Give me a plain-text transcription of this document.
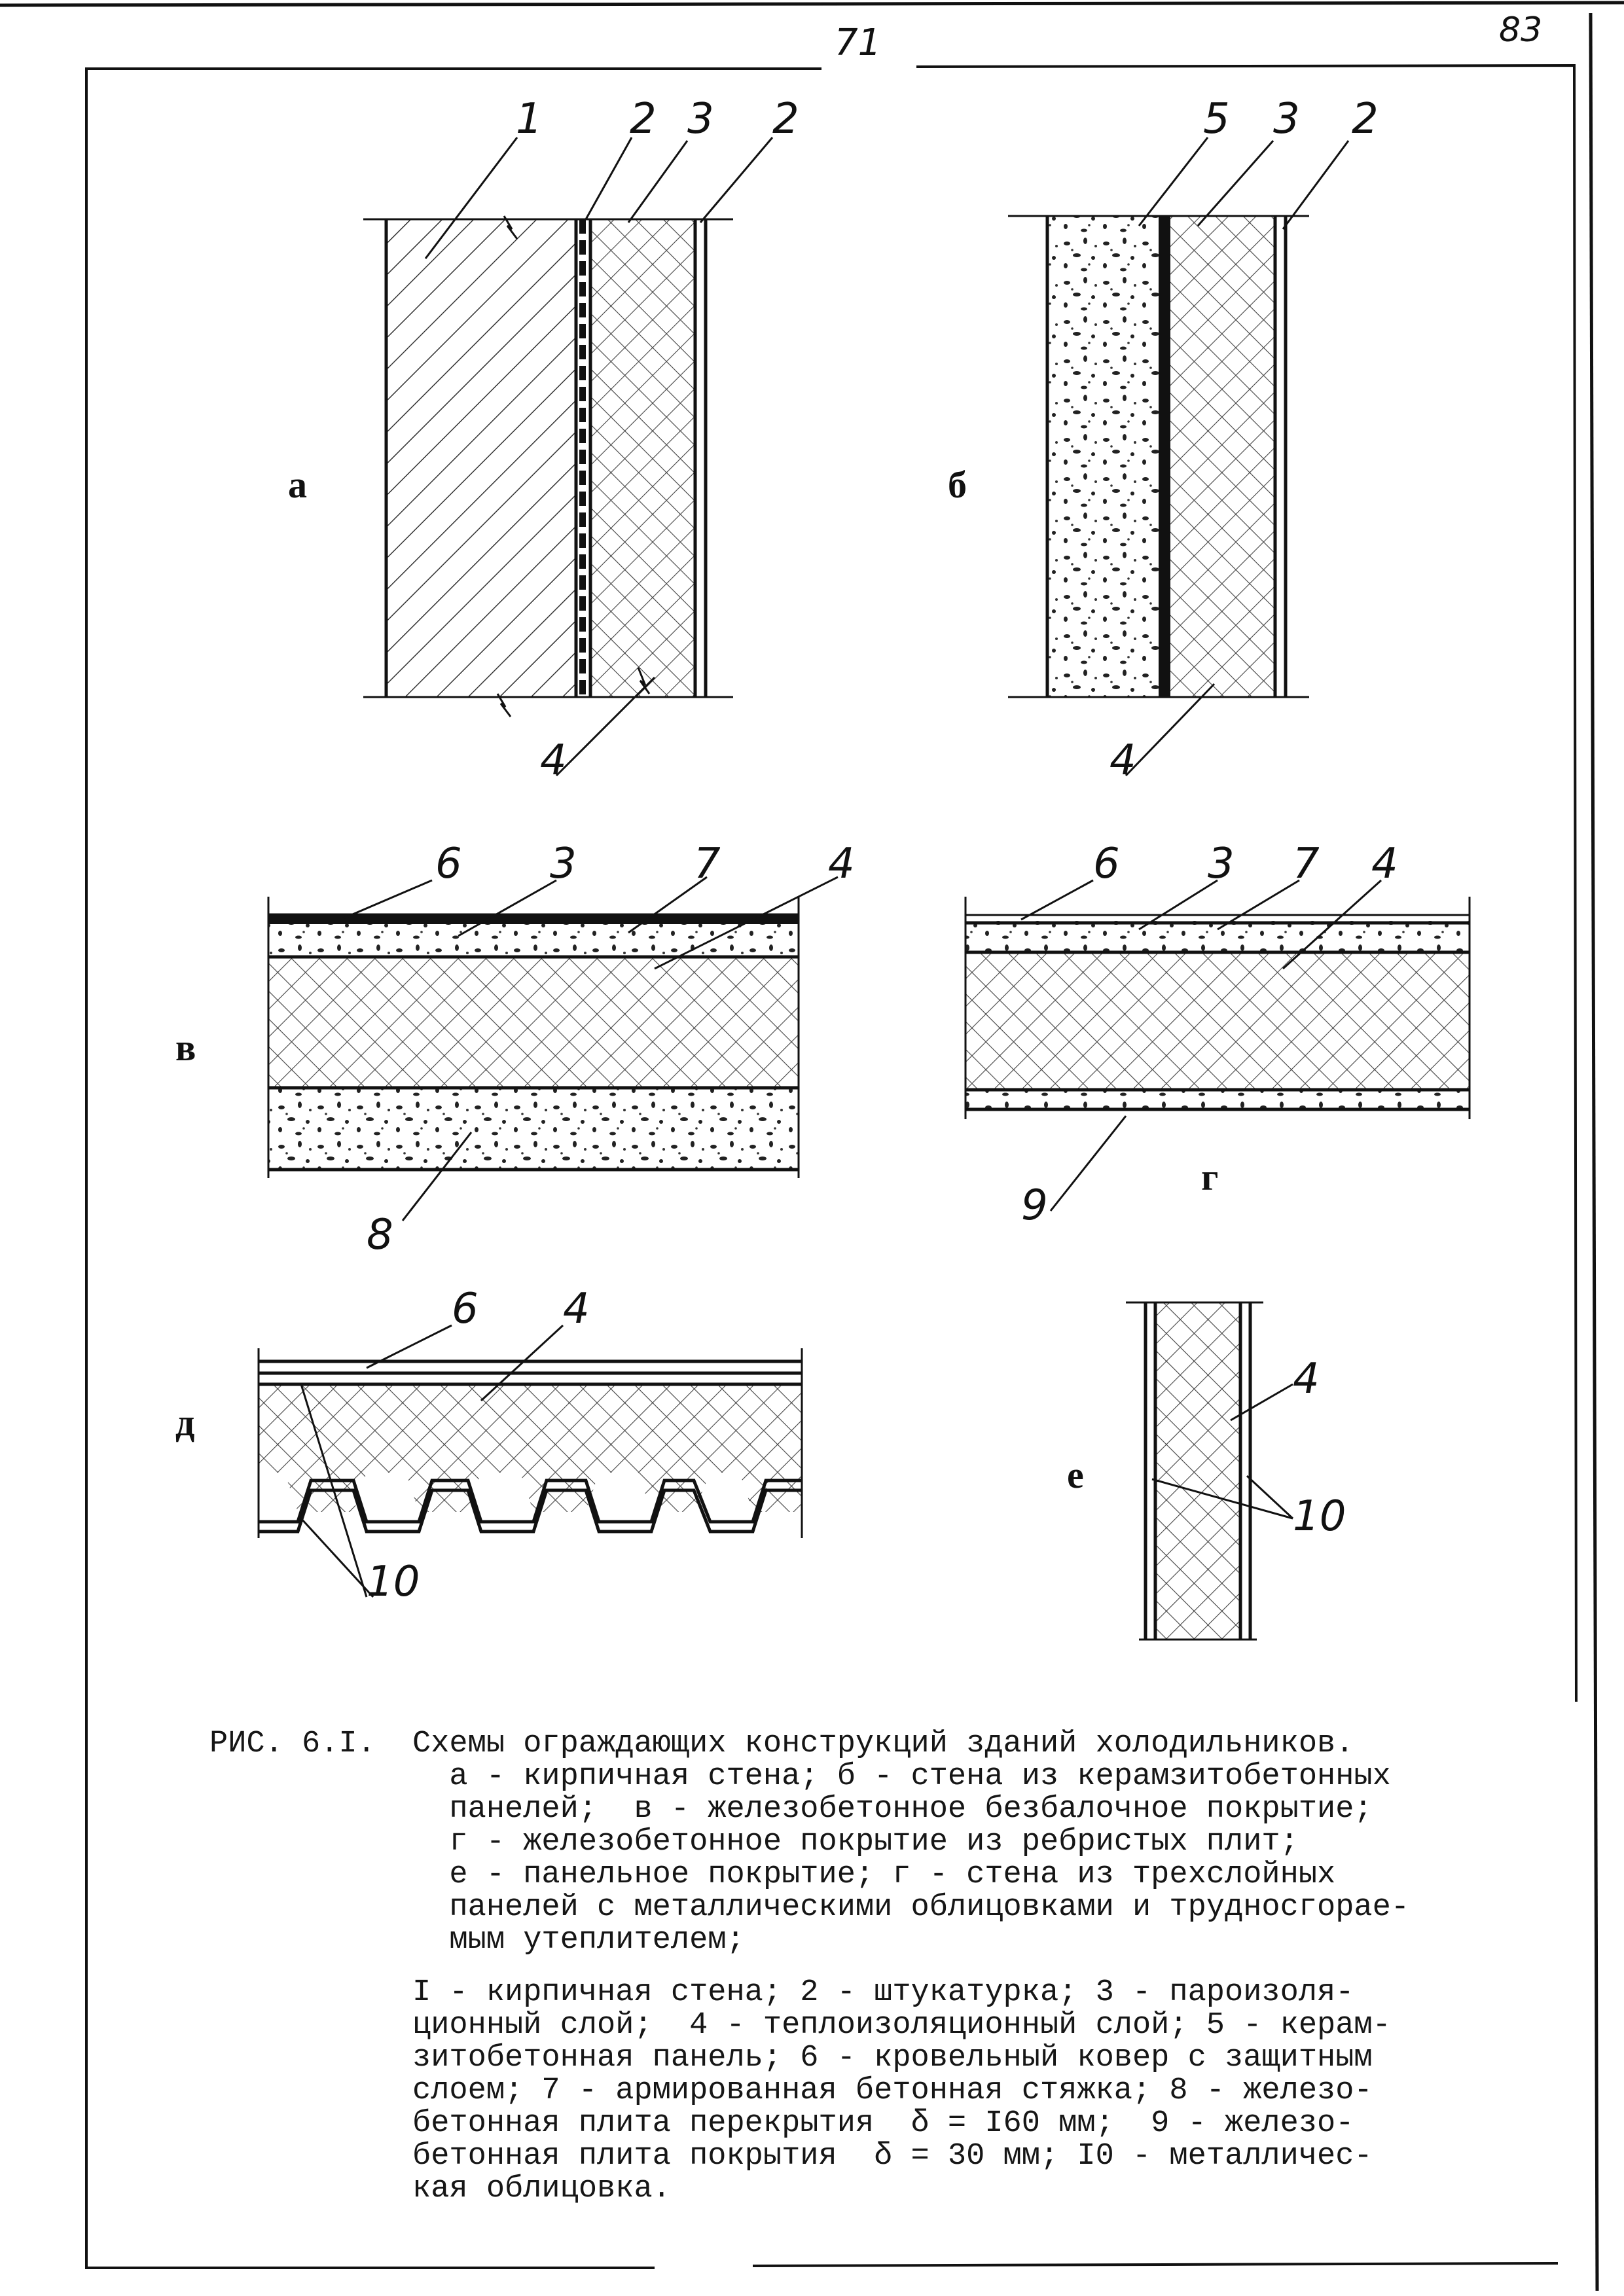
71	83
а
1 2 3 2
4
б
5 3 2
4
в
6 3	7	4
8
г
6 3 7 4
9
д
6 4
10
е
4
10
РИС. 6.I.	Схемы ограждающих конструкций зданий холодильников.
а - кирпичная стена; б - стена из керамзитобетонных
панелей;  в - железобетонное безбалочное покрытие;
г - железобетонное покрытие из ребристых плит;
е - панельное покрытие; г - стена из трехслойных
панелей с металлическими облицовками и трудносгорае-
мым утеплителем;
I - кирпичная стена; 2 - штукатурка; 3 - пароизоля-
ционный слой;  4 - теплоизоляционный слой; 5 - керам-
зитобетонная панель; 6 - кровельный ковер с защитным
слоем; 7 - армированная бетонная стяжка; 8 - железо-
бетонная плита перекрытия  δ = I60 мм;  9 - железо-
бетонная плита покрытия  δ = 30 мм; I0 - металличес-
кая облицовка.
